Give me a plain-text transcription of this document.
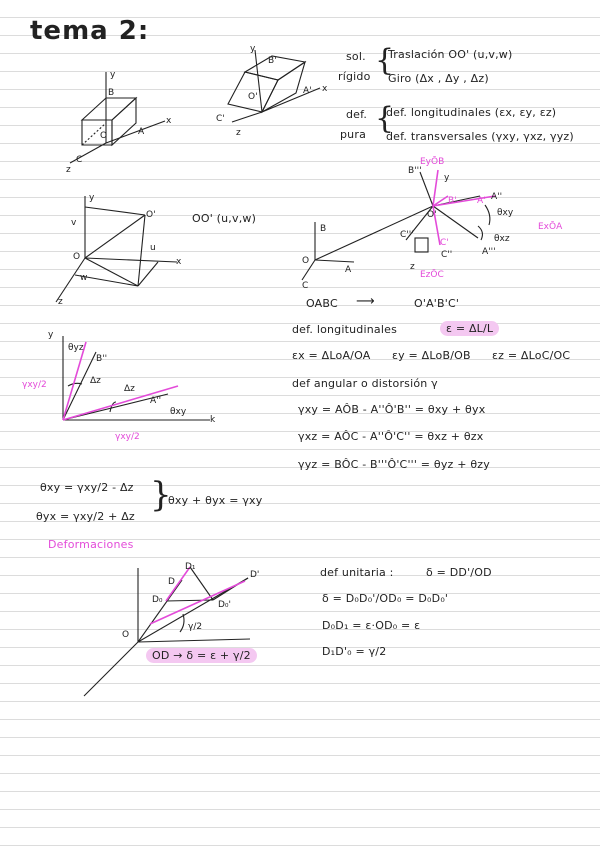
tema 2:
sol.
rígido {
Traslación OO' (u,v,w)
Giro (Δx , Δy , Δz)
def.
pura {
def. longitudinales (εx, εy, εz)
def. transversales (γxy, γxz, γyz)
y
B
x
A
O
C
z
y
B'
O'
A' x
C'
z
y
O'
v
u
O	x
w
z
OO' (u,v,w)
B
O
A
C
O'
B'''
y
A''
A'
B'
C'
C''
C'''
A'''
z
θxy
θxz
EyŌB
ExŌA
EzŌC
OABC ⟶	O'A'B'C'
def. longitudinales	ε = ΔL/L
εx = ΔLoA/OA εy = ΔLoB/OB εz = ΔLoC/OC
def angular o distorsión γ
γxy = AÔB - A''Ô'B'' = θxy + θyx
γxz = AÔC - A''Ô'C'' = θxz + θzx
γyz = BÔC - B'''Ô'C''' = θyz + θzy
y
θyz
B''
Δz
Δz
A''
θxy
k
γxy/2
γxy/2
θxy = γxy/2 - Δz
θyx = γxy/2 + Δz
}
θxy + θyx = γxy
Deformaciones
D₁
D
D'
D₀	D₀'
O
γ/2
OD → δ = ε + γ/2
def unitaria :	δ = DD'/OD
δ = D₀D₀'/OD₀ = D₀D₀'
D₀D₁ = ε·OD₀ = ε
D₁D'₀ = γ/2
